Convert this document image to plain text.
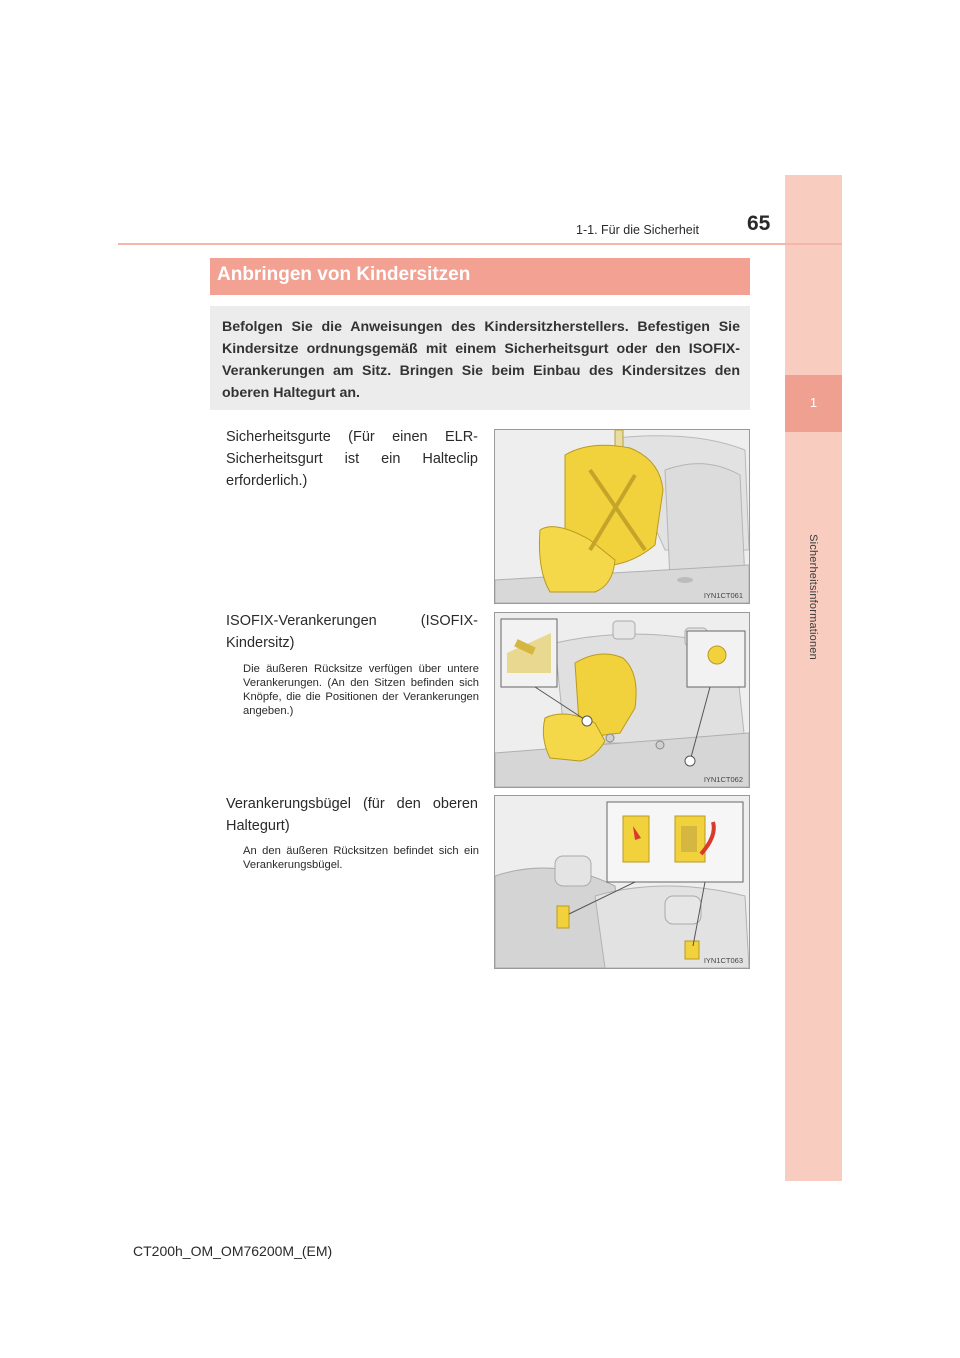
1
Sicherheitsinformationen
1-1. Für die Sicherheit 65
Anbringen von Kindersitzen

Befolgen Sie die Anweisungen des Kindersitzherstellers. Befestigen Sie Kindersitze ordnungsgemäß mit einem Sicherheitsgurt oder den ISOFIX-Verankerungen am Sitz. Bringen Sie beim Einbau des Kindersitzes den oberen Haltegurt an.

Sicherheitsgurte (Für einen ELR-Sicherheitsgurt ist ein Halteclip erforderlich.)

IYN1CT061

ISOFIX-Verankerungen (ISOFIX-Kindersitz)

Die äußeren Rücksitze verfügen über untere Verankerungen. (An den Sitzen befinden sich Knöpfe, die die Positionen der Verankerungen angeben.)

IYN1CT062

Verankerungsbügel (für den oberen Haltegurt)

An den äußeren Rücksitzen befindet sich ein Verankerungsbügel.

IYN1CT063
CT200h_OM_OM76200M_(EM)
